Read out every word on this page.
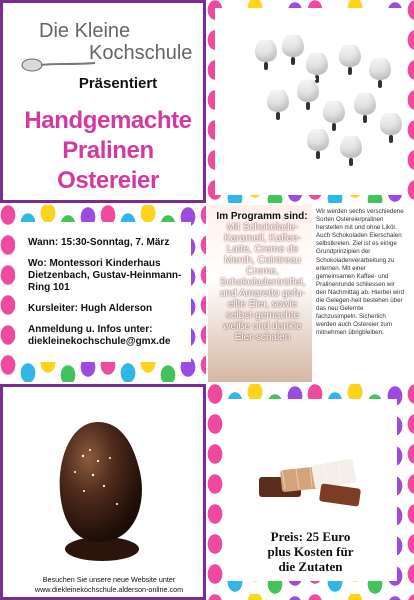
Die Kleine
Kochschule
Präsentiert
Handgemachte
Pralinen
Ostereier

Wann: 15:30-Sonntag, 7. März

Wo: Montessori Kinderhaus Dietzenbach, Gustav-Heinmann-Ring 101

Kursleiter: Hugh Alderson

Anmeldung u. Infos unter:

diekleinekochschule@gmx.de

Im Programm sind:
Mit Schokolade-Karamell, Kaffee-Latte, Creme de Menth, Cointreau Creme, Schokoladentrüffel, und Amaretto gefu-ellte Eier, sowie selbst-gemachte weiße und dunkle Eier-schalen
Wir werden sechs verschiedene Sorten Ostereierpralinen herstellen mit und ohne Likör. Auch Schokoladen Eierschalen selbstkreien. Ziel ist es einige Grundprinzipien der Schokoladenverarbeitung zu erlernen. Mit einer gemeinsamen Kaffee- und Pralinenrunde schliessen wir den Nachmittag ab. Hierbei wird die Gelegen-heit bestehen über das neu Gelernte fachzusimpeln. Sicherlich werden auch Ostereier zum mitnehmen übrigbleiben.
Besuchen Sie unsere neue Website unter
www.diekleinekochschule.alderson-online.com
Preis: 25 Euro
plus Kosten für
die Zutaten
